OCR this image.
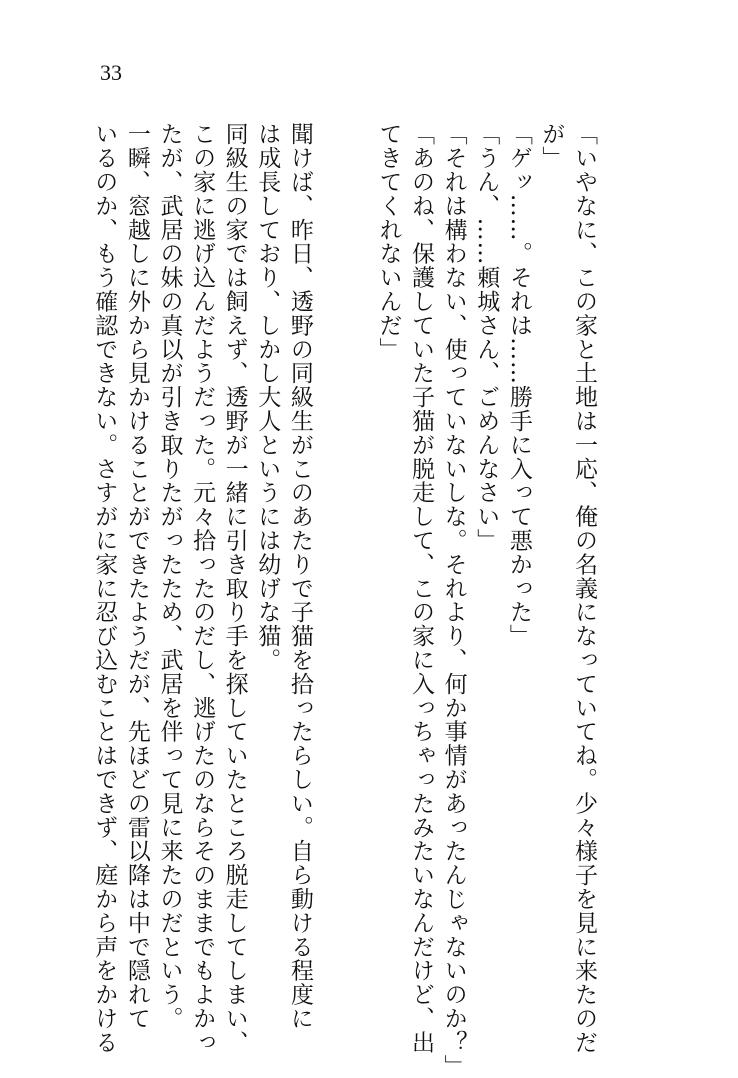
33
「いやなに、この家と土地は一応、俺の名義になっていてね。少々様子を見に来たのだ
が」
「ゲッ……。それは……勝手に入って悪かった」
「うん、……頼城さん、ごめんなさい」
「それは構わない、使っていないしな。それより、何か事情があったんじゃないのか？」
「あのね、保護していた子猫が脱走して、この家に入っちゃったみたいなんだけど、出
てきてくれないんだ」
聞けば、昨日、透野の同級生がこのあたりで子猫を拾ったらしい。自ら動ける程度に
は成長しており、しかし大人というには幼げな猫。
同級生の家では飼えず、透野が一緒に引き取り手を探していたところ脱走してしまい、
この家に逃げ込んだようだった。元々拾ったのだし、逃げたのならそのままでもよかっ
たが、武居の妹の真以が引き取りたがったため、武居を伴って見に来たのだという。
一瞬、窓越しに外から見かけることができたようだが、先ほどの雷以降は中で隠れて
いるのか、もう確認できない。さすがに家に忍び込むことはできず、庭から声をかける
